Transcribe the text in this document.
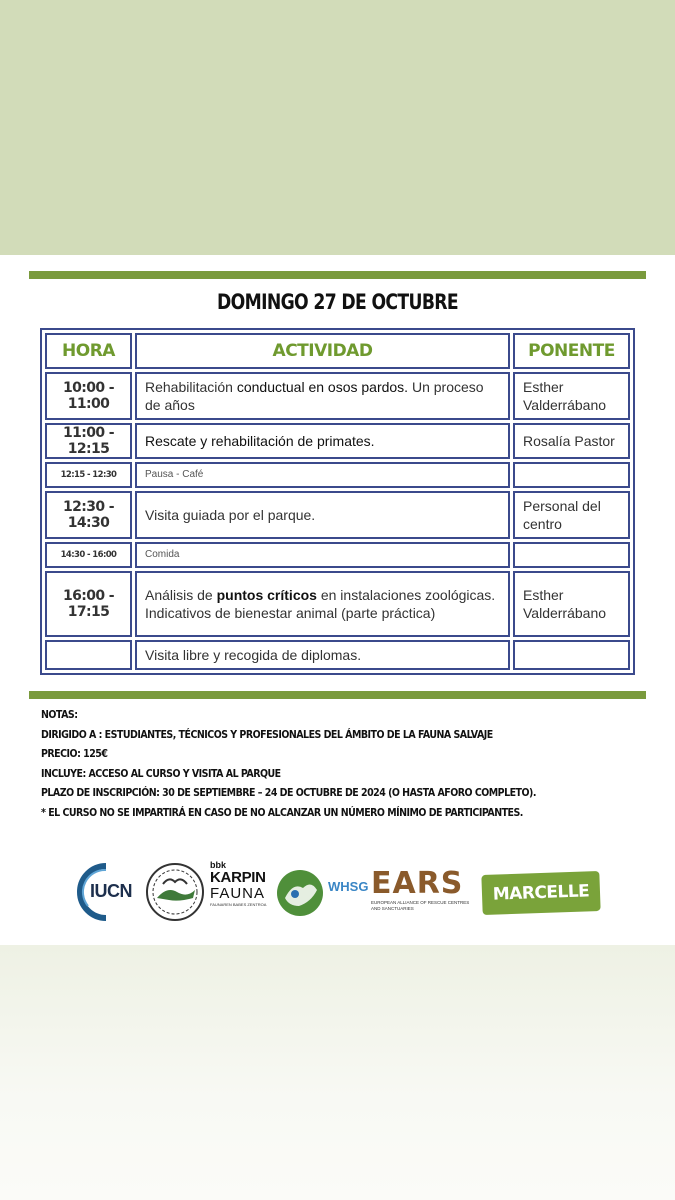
DOMINGO 27 DE OCTUBRE
HORA	ACTIVIDAD	PONENTE
10:00 - 11:00	Rehabilitación conductual en osos pardos. Un proceso de años	Esther Valderrábano
11:00 - 12:15	Rescate y rehabilitación de primates.	Rosalía Pastor
12:15 - 12:30	Pausa - Café	
12:30 - 14:30	Visita guiada por el parque.	Personal del centro
14:30 - 16:00	Comida	
16:00 - 17:15	Análisis de puntos críticos en instalaciones zoológicas. Indicativos de bienestar animal (parte práctica)	Esther Valderrábano
	Visita libre y recogida de diplomas.	
NOTAS:
DIRIGIDO A : ESTUDIANTES, TÉCNICOS Y PROFESIONALES DEL ÁMBITO DE LA FAUNA SALVAJE
PRECIO: 125€
INCLUYE: ACCESO AL CURSO Y VISITA AL PARQUE
PLAZO DE INSCRIPCIÓN: 30 DE SEPTIEMBRE – 24 DE OCTUBRE DE 2024 (O HASTA AFORO COMPLETO).
* EL CURSO NO SE IMPARTIRÁ EN CASO DE NO ALCANZAR UN NÚMERO MÍNIMO DE PARTICIPANTES.
IUCN
bbk
KARPIN
FAUNA
FAUNAREN BABES ZENTROA
WHSG EARS
EUROPEAN ALLIANCE OF RESCUE CENTRES
AND SANCTUARIES
MARCELLE
